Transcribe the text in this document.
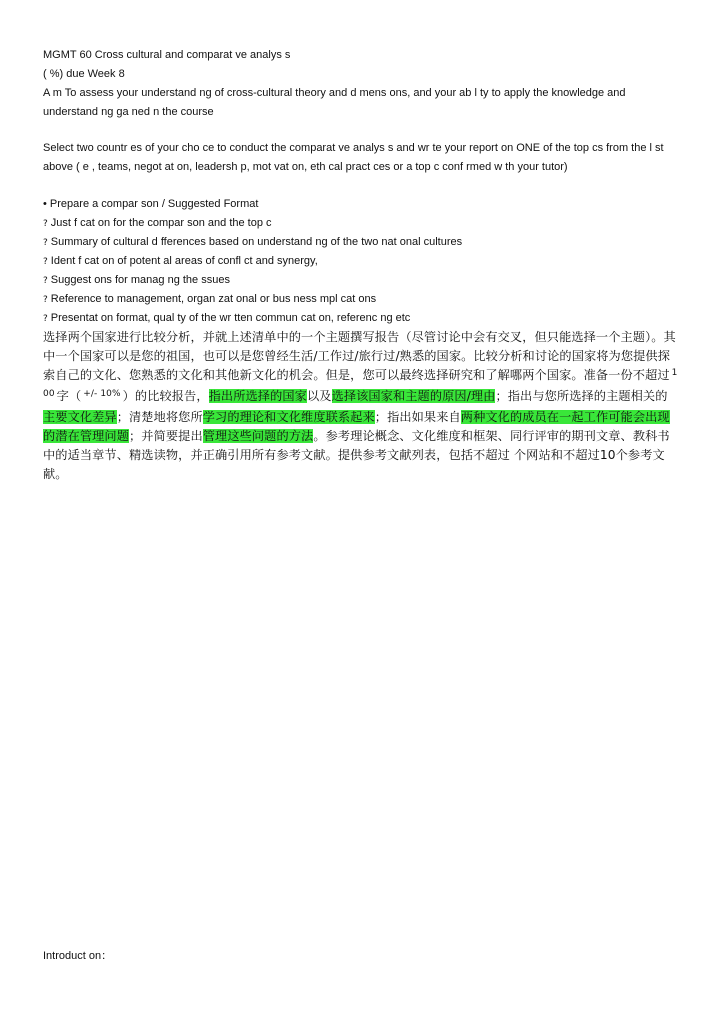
MGMT 60 Cross cultural and comparat ve analys s
( %) due Week 8
A m To assess your understand ng of cross-cultural theory and d mens ons, and your ab l ty to apply the knowledge and understand ng ga ned n the course
Select two countr es of your cho ce to conduct the comparat ve analys s and wr te your report on ONE of the top cs from the l st above ( e , teams, negot at on, leadersh p, mot vat on, eth cal pract ces or a top c conf rmed w th your tutor)
• Prepare a compar son / Suggested Format
? Just f cat on for the compar son and the top c
? Summary of cultural d fferences based on understand ng of the two nat onal cultures
? Ident f cat on of potent al areas of confl ct and synergy,
? Suggest ons for manag ng the ssues
? Reference to management, organ zat onal or bus ness mpl cat ons
? Presentat on format, qual ty of the wr tten commun cat on, referenc ng etc
选择两个国家进行比较分析，并就上述清单中的一个主题撰写报告（尽管讨论中会有交叉，但只能选择一个主题）。其中一个国家可以是您的祖国，也可以是您曾经生活/工作过/旅行过/熟悉的国家。比较分析和讨论的国家将为您提供探索自己的文化、您熟悉的文化和其他新文化的机会。但是，您可以最终选择研究和了解哪两个国家。准备一份不超过 $^{1 00}$ 字（ $^{+/- 10\%}$ ）的比较报告，指出所选择的国家以及选择该国家和主题的原因/理由；指出与您所选择的主题相关的主要文化差异；清楚地将您所学习的理论和文化维度联系起来；指出如果来自两种文化的成员在一起工作可能会出现的潜在管理问题；并简要提出管理这些问题的方法。参考理论概念、文化维度和框架、同行评审的期刊文章、教科书中的适当章节、精选读物，并正确引用所有参考文献。提供参考文献列表，包括不超过 个网站和不超过10个参考文献。
Introduct on：
